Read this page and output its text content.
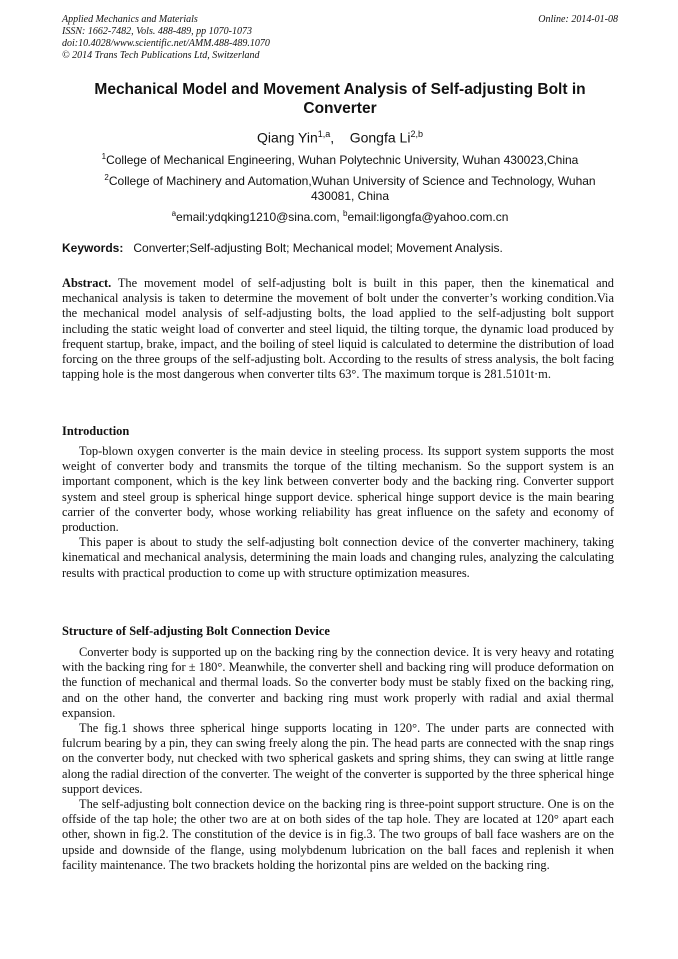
Applied Mechanics and Materials
ISSN: 1662-7482, Vols. 488-489, pp 1070-1073
doi:10.4028/www.scientific.net/AMM.488-489.1070
© 2014 Trans Tech Publications Ltd, Switzerland
Online: 2014-01-08
Mechanical Model and Movement Analysis of Self-adjusting Bolt in Converter
Qiang Yin$^{1,a}$, Gongfa Li$^{2,b}$
$^1$College of Mechanical Engineering, Wuhan Polytechnic University, Wuhan 430023,China
$^2$College of Machinery and Automation,Wuhan University of Science and Technology, Wuhan 430081, China
$^a$email:ydqking1210@sina.com, $^b$email:ligongfa@yahoo.com.cn
Keywords: Converter;Self-adjusting Bolt; Mechanical model; Movement Analysis.

Abstract. The movement model of self-adjusting bolt is built in this paper, then the kinematical and mechanical analysis is taken to determine the movement of bolt under the converter’s working condition.Via the mechanical model analysis of self-adjusting bolts, the load applied to the self-adjusting bolt support including the static weight load of converter and steel liquid, the tilting torque, the dynamic load produced by frequent startup, brake, impact, and the boiling of steel liquid is calculated to determine the distribution of load forcing on the three groups of the self-adjusting bolt. According to the results of stress analysis, the bolt facing tapping hole is the most dangerous when converter tilts 63°. The maximum torque is 281.5101t·m.

Introduction

Top-blown oxygen converter is the main device in steeling process. Its support system supports the most weight of converter body and transmits the torque of the tilting mechanism. So the support system is an important component, which is the key link between converter body and the backing ring. Converter support system and steel group is spherical hinge support device. spherical hinge support device is the main bearing carrier of the converter body, whose working reliability has great influence on the safety and economy of production.

This paper is about to study the self-adjusting bolt connection device of the converter machinery, taking kinematical and mechanical analysis, determining the main loads and changing rules, analyzing the calculating results with practical production to come up with structure optimization measures.

Structure of Self-adjusting Bolt Connection Device

Converter body is supported up on the backing ring by the connection device. It is very heavy and rotating with the backing ring for ± 180°. Meanwhile, the converter shell and backing ring will produce deformation on the function of mechanical and thermal loads. So the converter body must be stably fixed on the backing ring, and on the other hand, the converter and backing ring must work properly with radial and axial thermal expansion.

The fig.1 shows three spherical hinge supports locating in 120°. The under parts are connected with fulcrum bearing by a pin, they can swing freely along the pin. The head parts are connected with the snap rings on the converter body, nut checked with two spherical gaskets and spring shims, they can swing at little range along the radial direction of the converter. The weight of the converter is supported by the three spherical hinge support devices.

The self-adjusting bolt connection device on the backing ring is three-point support structure. One is on the offside of the tap hole; the other two are at on both sides of the tap hole. They are located at 120° apart each other, shown in fig.2. The constitution of the device is in fig.3. The two groups of ball face washers are on the upside and downside of the flange, using molybdenum lubrication on the ball faces and replenish it when facility maintenance. The two brackets holding the horizontal pins are welded on the backing ring.
